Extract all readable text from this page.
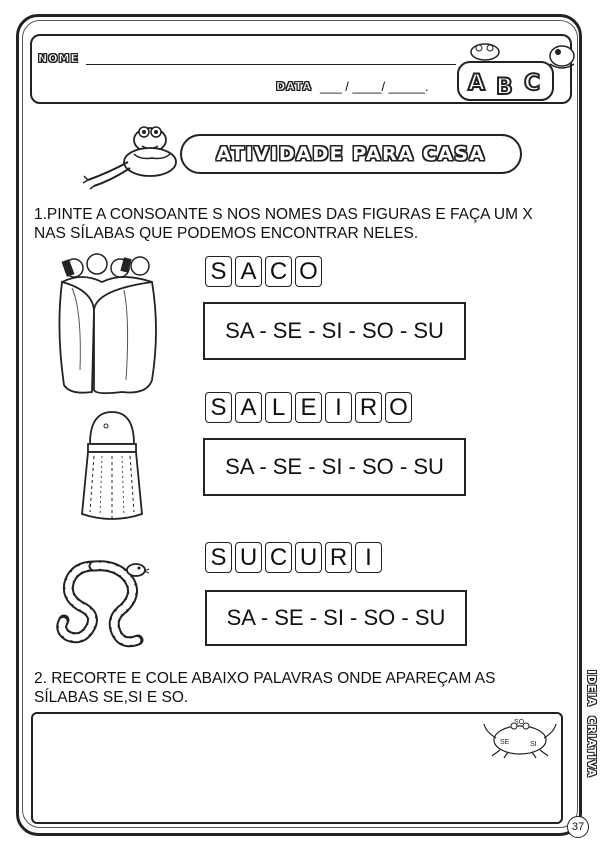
NOME
DATA ___ / ____/ _____. A B C
ATIVIDADE PARA CASA
1.PINTE A CONSOANTE S NOS NOMES DAS FIGURAS E FAÇA UM X NAS SÍLABAS QUE PODEMOS ENCONTRAR NELES.
S A C O
SA - SE - SI - SO - SU
S A L E I R O
SA - SE - SI - SO - SU
S U C U R I
SA - SE - SI - SO - SU
2. RECORTE E COLE ABAIXO PALAVRAS ONDE APAREÇAM AS SÍLABAS SE,SI E SO.
SO
SE	SI	IDEIA  CRIATIVA
37
